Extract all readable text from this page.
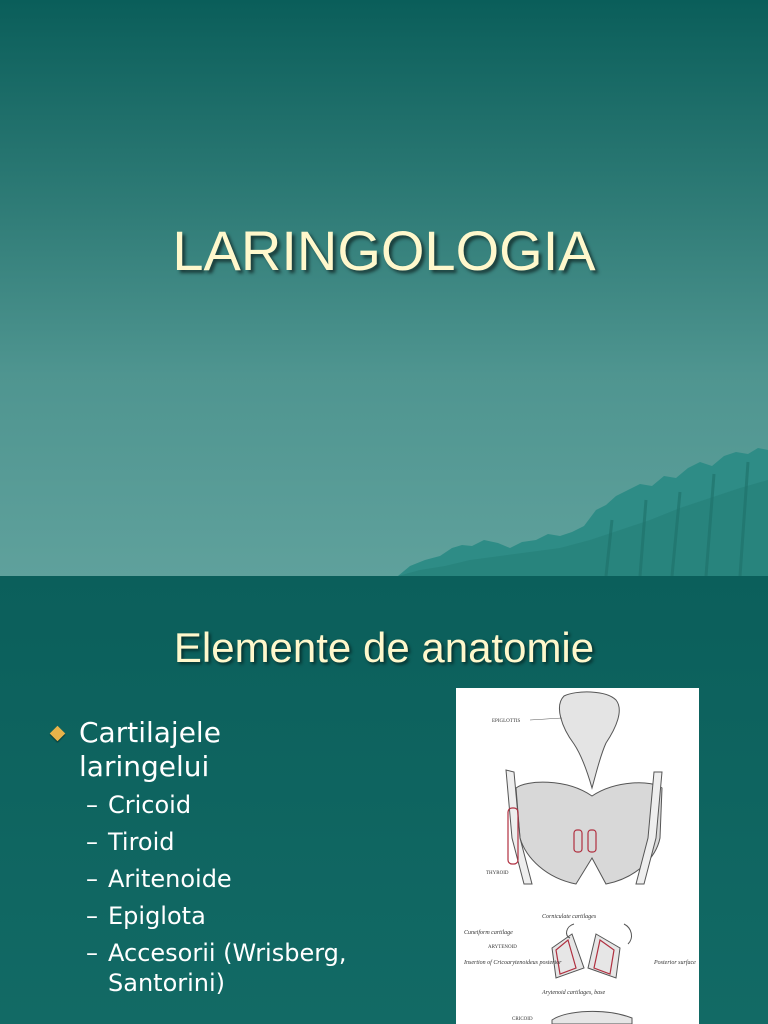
LARINGOLOGIA
Elemente de anatomie
Cartilajele laringelui
– Cricoid
– Tiroid
– Aritenoide
– Epiglota
– Accesorii (Wrisberg, Santorini)
EPIGLOTTIS
THYROID
Corniculate cartilages
Cuneiform cartilage
ARYTENOID
Insertion of Cricoarytenoideus posterior	Posterior surface
Arytenoid cartilages, base
CRICOID
